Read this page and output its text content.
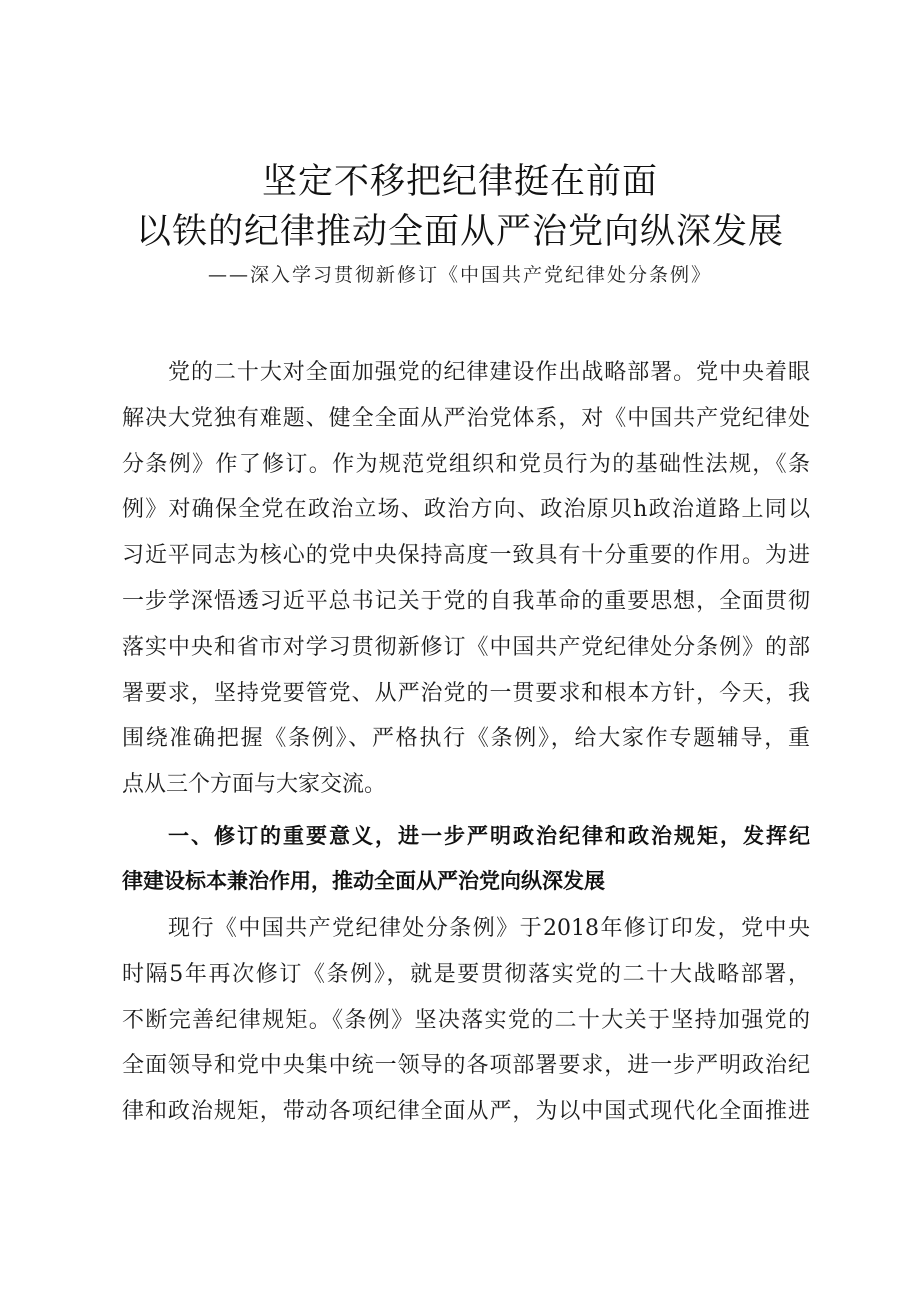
坚定不移把纪律挺在前面
以铁的纪律推动全面从严治党向纵深发展
——深入学习贯彻新修订《中国共产党纪律处分条例》
党的二十大对全面加强党的纪律建设作出战略部署。党中央着眼
解决大党独有难题、健全全面从严治党体系，对《中国共产党纪律处
分条例》作了修订。作为规范党组织和党员行为的基础性法规，《条
例》对确保全党在政治立场、政治方向、政治原贝h政治道路上同以
习近平同志为核心的党中央保持高度一致具有十分重要的作用。为进
一步学深悟透习近平总书记关于党的自我革命的重要思想，全面贯彻
落实中央和省市对学习贯彻新修订《中国共产党纪律处分条例》的部
署要求，坚持党要管党、从严治党的一贯要求和根本方针，今天，我
围绕准确把握《条例》、严格执行《条例》，给大家作专题辅导，重
点从三个方面与大家交流。
一、修订的重要意义，进一步严明政治纪律和政治规矩，发挥纪
律建设标本兼治作用，推动全面从严治党向纵深发展
现行《中国共产党纪律处分条例》于2018年修订印发，党中央
时隔5年再次修订《条例》，就是要贯彻落实党的二十大战略部署，
不断完善纪律规矩。《条例》坚决落实党的二十大关于坚持加强党的
全面领导和党中央集中统一领导的各项部署要求，进一步严明政治纪
律和政治规矩，带动各项纪律全面从严，为以中国式现代化全面推进
